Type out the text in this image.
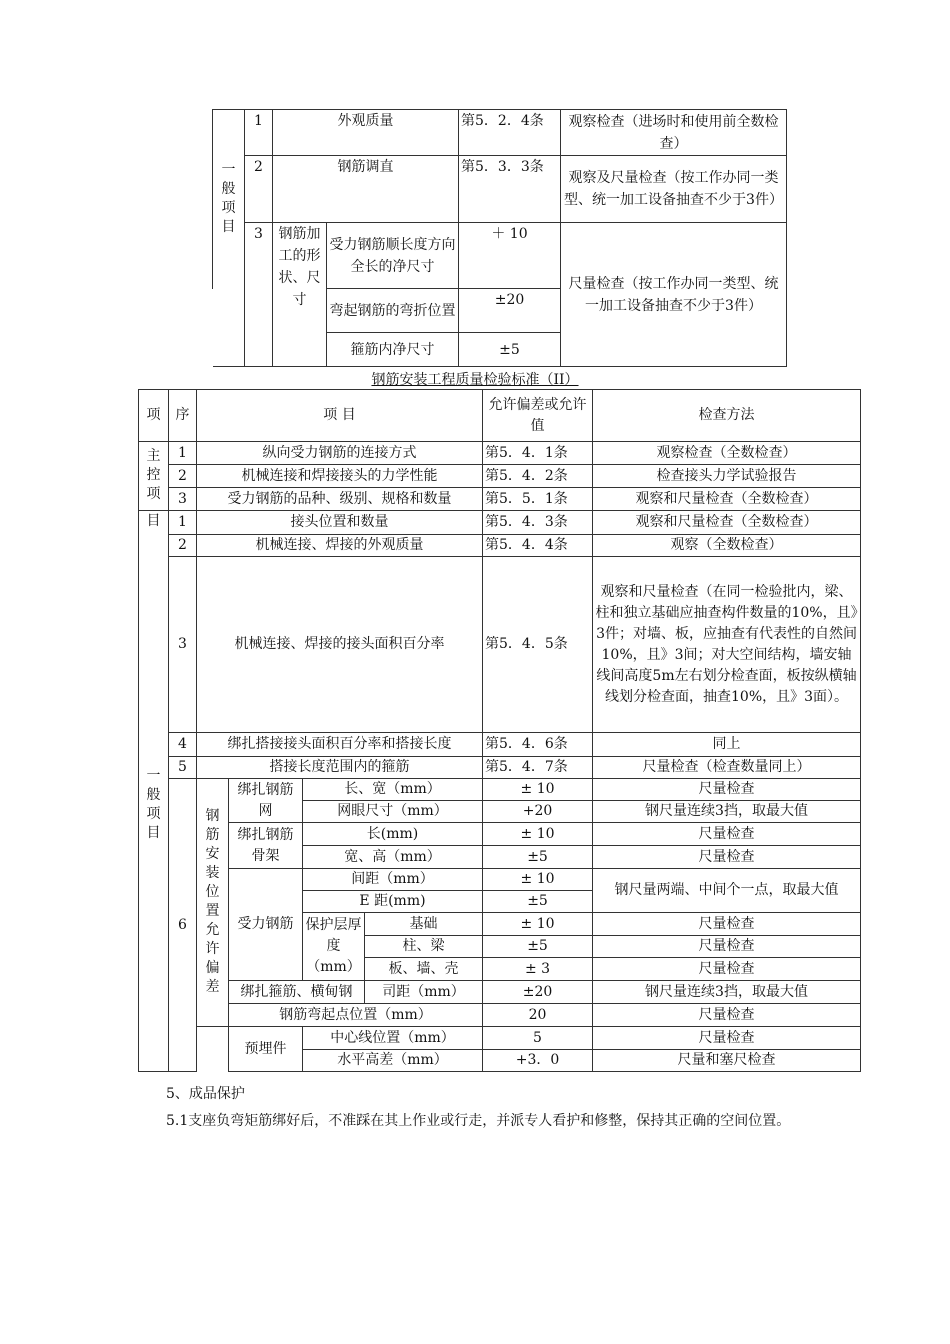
一般项目	1	外观质量		第5．2．4条	观察检查（进场时和使用前全数检查）
	2	钢筋调直		第5．3．3条	观察及尺量检查（按工作办同一类型、统一加工设备抽查不少于3件）
	3	钢筋加工的形状、尺寸	受力钢筋顺长度方向全长的净尺寸	＋ 10	尺量检查（按工作办同一类型、统一加工设备抽查不少于3件）
			弯起钢筋的弯折位置	±20	
			箍筋内净尺寸	±5	
钢筋安装工程质量检验标准（II）
项	序	项 目				允许偏差或允许值	检查方法
主控项	1	纵向受力钢筋的连接方式				第5．4．1条	观察检查（全数检查）
	2	机械连接和焊接接头的力学性能				第5．4．2条	检查接头力学试验报告
	3	受力钢筋的品种、级别、规格和数量				第5．5．1条	观察和尺量检查（全数检查）
目	1	接头位置和数量				第5．4．3条	观察和尺量检查（全数检查）
	2	机械连接、焊接的外观质量				第5．4．4条	观察（全数检查）
	3	机械连接、焊接的接头面积百分率				第5．4．5条	观察和尺量检查（在同一检验批内，梁、柱和独立基础应抽查构件数量的10%，且》3件；对墙、板，应抽查有代表性的自然间10%，且》3间；对大空间结构，墙安轴线间高度5m左右划分检查面，板按纵横轴线划分检查面，抽查10%，且》3面）。
	4	绑扎搭接接头面积百分率和搭接长度				第5．4．6条	同上
	5	搭接长度范围内的箍筋				第5．4．7条	尺量检查（检查数量同上）
一般项目	6	钢筋安装位置允许偏差	绑扎钢筋网	长、宽（mm）		± 10	尺量检查
				网眼尺寸（mm）		+20	钢尺量连续3挡，取最大值
			绑扎钢筋骨架	长(mm)		± 10	尺量检查
				宽、高（mm）		±5	尺量检查
			受力钢筋	间距（mm）		± 10	钢尺量两端、中间个一点，取最大值
				E 距(mm)		±5	
				保护层厚度（mm）	基础	± 10	尺量检查
					柱、梁	±5	尺量检查
					板、墙、壳	± 3	尺量检查
			绑扎箍筋、横甸钢		司距（mm）	±20	钢尺量连续3挡，取最大值
			钢筋弯起点位置（mm）			20	尺量检查
			预埋件	中心线位置（mm）		5	尺量检查
				水平高差（mm）		+3．0	尺量和塞尺检查
5、成品保护
5.1支座负弯矩筋绑好后，不准踩在其上作业或行走，并派专人看护和修整，保持其正确的空间位置。
